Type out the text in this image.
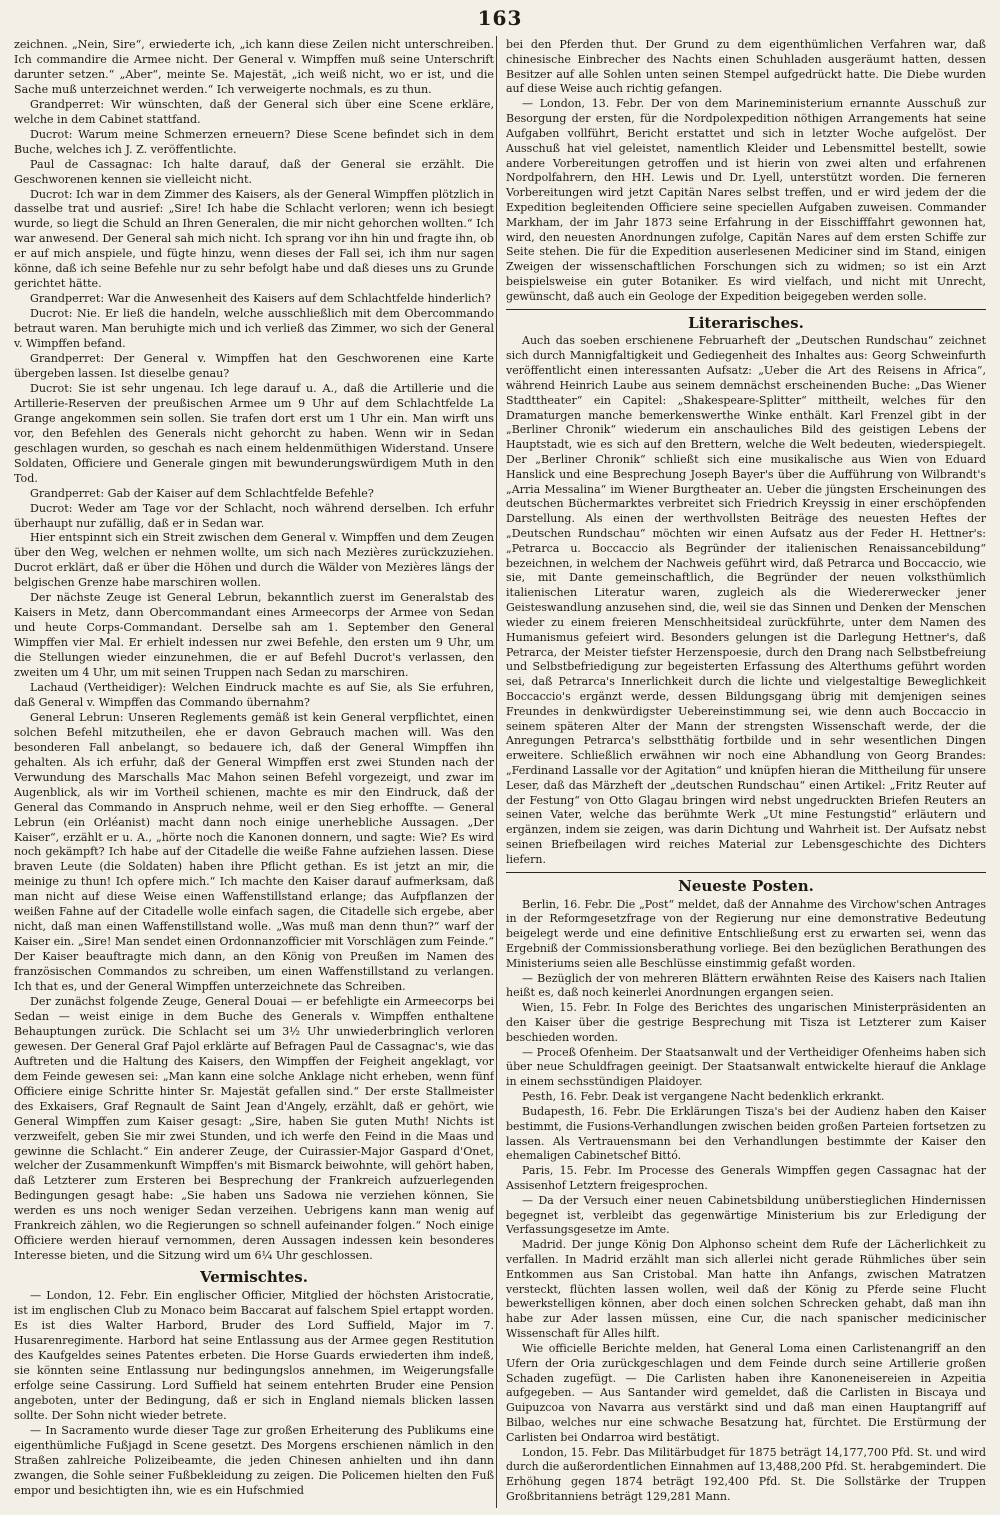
163

zeichnen. „Nein, Sire“, erwiederte ich, „ich kann diese Zeilen nicht unterschreiben. Ich commandire die Armee nicht. Der General v. Wimpffen muß seine Unterschrift darunter setzen.“ „Aber“, meinte Se. Majestät, „ich weiß nicht, wo er ist, und die Sache muß unterzeichnet werden.“ Ich verweigerte nochmals, es zu thun.

Grandperret: Wir wünschten, daß der General sich über eine Scene erkläre, welche in dem Cabinet stattfand.

Ducrot: Warum meine Schmerzen erneuern? Diese Scene befindet sich in dem Buche, welches ich J. Z. veröffentlichte.

Paul de Cassagnac: Ich halte darauf, daß der General sie erzählt. Die Geschworenen kennen sie vielleicht nicht.

Ducrot: Ich war in dem Zimmer des Kaisers, als der General Wimpffen plötzlich in dasselbe trat und ausrief: „Sire! Ich habe die Schlacht verloren; wenn ich besiegt wurde, so liegt die Schuld an Ihren Generalen, die mir nicht gehorchen wollten.“ Ich war anwesend. Der General sah mich nicht. Ich sprang vor ihn hin und fragte ihn, ob er auf mich anspiele, und fügte hinzu, wenn dieses der Fall sei, ich ihm nur sagen könne, daß ich seine Befehle nur zu sehr befolgt habe und daß dieses uns zu Grunde gerichtet hätte.

Grandperret: War die Anwesenheit des Kaisers auf dem Schlachtfelde hinderlich?

Ducrot: Nie. Er ließ die handeln, welche ausschließlich mit dem Obercommando betraut waren. Man beruhigte mich und ich verließ das Zimmer, wo sich der General v. Wimpffen befand.

Grandperret: Der General v. Wimpffen hat den Geschworenen eine Karte übergeben lassen. Ist dieselbe genau?

Ducrot: Sie ist sehr ungenau. Ich lege darauf u. A., daß die Artillerie und die Artillerie-Reserven der preußischen Armee um 9 Uhr auf dem Schlachtfelde La Grange angekommen sein sollen. Sie trafen dort erst um 1 Uhr ein. Man wirft uns vor, den Befehlen des Generals nicht gehorcht zu haben. Wenn wir in Sedan geschlagen wurden, so geschah es nach einem heldenmüthigen Widerstand. Unsere Soldaten, Officiere und Generale gingen mit bewunderungswürdigem Muth in den Tod.

Grandperret: Gab der Kaiser auf dem Schlachtfelde Befehle?

Ducrot: Weder am Tage vor der Schlacht, noch während derselben. Ich erfuhr überhaupt nur zufällig, daß er in Sedan war.

Hier entspinnt sich ein Streit zwischen dem General v. Wimpffen und dem Zeugen über den Weg, welchen er nehmen wollte, um sich nach Mezières zurückzuziehen. Ducrot erklärt, daß er über die Höhen und durch die Wälder von Mezières längs der belgischen Grenze habe marschiren wollen.

Der nächste Zeuge ist General Lebrun, bekanntlich zuerst im Generalstab des Kaisers in Metz, dann Obercommandant eines Armeecorps der Armee von Sedan und heute Corps-Commandant. Derselbe sah am 1. September den General Wimpffen vier Mal. Er erhielt indessen nur zwei Befehle, den ersten um 9 Uhr, um die Stellungen wieder einzunehmen, die er auf Befehl Ducrot's verlassen, den zweiten um 4 Uhr, um mit seinen Truppen nach Sedan zu marschiren.

Lachaud (Vertheidiger): Welchen Eindruck machte es auf Sie, als Sie erfuhren, daß General v. Wimpffen das Commando übernahm?

General Lebrun: Unseren Reglements gemäß ist kein General verpflichtet, einen solchen Befehl mitzutheilen, ehe er davon Gebrauch machen will. Was den besonderen Fall anbelangt, so bedauere ich, daß der General Wimpffen ihn gehalten. Als ich erfuhr, daß der General Wimpffen erst zwei Stunden nach der Verwundung des Marschalls Mac Mahon seinen Befehl vorgezeigt, und zwar im Augenblick, als wir im Vortheil schienen, machte es mir den Eindruck, daß der General das Commando in Anspruch nehme, weil er den Sieg erhoffte. — General Lebrun (ein Orléanist) macht dann noch einige unerhebliche Aussagen. „Der Kaiser“, erzählt er u. A., „hörte noch die Kanonen donnern, und sagte: Wie? Es wird noch gekämpft? Ich habe auf der Citadelle die weiße Fahne aufziehen lassen. Diese braven Leute (die Soldaten) haben ihre Pflicht gethan. Es ist jetzt an mir, die meinige zu thun! Ich opfere mich.“ Ich machte den Kaiser darauf aufmerksam, daß man nicht auf diese Weise einen Waffenstillstand erlange; das Aufpflanzen der weißen Fahne auf der Citadelle wolle einfach sagen, die Citadelle sich ergebe, aber nicht, daß man einen Waffenstillstand wolle. „Was muß man denn thun?“ warf der Kaiser ein. „Sire! Man sendet einen Ordonnanzofficier mit Vorschlägen zum Feinde.“ Der Kaiser beauftragte mich dann, an den König von Preußen im Namen des französischen Commandos zu schreiben, um einen Waffenstillstand zu verlangen. Ich that es, und der General Wimpffen unterzeichnete das Schreiben.

Der zunächst folgende Zeuge, General Douai — er befehligte ein Armeecorps bei Sedan — weist einige in dem Buche des Generals v. Wimpffen enthaltene Behauptungen zurück. Die Schlacht sei um 3½ Uhr unwiederbringlich verloren gewesen. Der General Graf Pajol erklärte auf Befragen Paul de Cassagnac's, wie das Auftreten und die Haltung des Kaisers, den Wimpffen der Feigheit angeklagt, vor dem Feinde gewesen sei: „Man kann eine solche Anklage nicht erheben, wenn fünf Officiere einige Schritte hinter Sr. Majestät gefallen sind.“ Der erste Stallmeister des Exkaisers, Graf Regnault de Saint Jean d'Angely, erzählt, daß er gehört, wie General Wimpffen zum Kaiser gesagt: „Sire, haben Sie guten Muth! Nichts ist verzweifelt, geben Sie mir zwei Stunden, und ich werfe den Feind in die Maas und gewinne die Schlacht.“ Ein anderer Zeuge, der Cuirassier-Major Gaspard d'Onet, welcher der Zusammenkunft Wimpffen's mit Bismarck beiwohnte, will gehört haben, daß Letzterer zum Ersteren bei Besprechung der Frankreich aufzuerlegenden Bedingungen gesagt habe: „Sie haben uns Sadowa nie verziehen können, Sie werden es uns noch weniger Sedan verzeihen. Uebrigens kann man wenig auf Frankreich zählen, wo die Regierungen so schnell aufeinander folgen.“ Noch einige Officiere werden hierauf vernommen, deren Aussagen indessen kein besonderes Interesse bieten, und die Sitzung wird um 6¼ Uhr geschlossen.

Vermischtes.

— London, 12. Febr. Ein englischer Officier, Mitglied der höchsten Aristocratie, ist im englischen Club zu Monaco beim Baccarat auf falschem Spiel ertappt worden. Es ist dies Walter Harbord, Bruder des Lord Suffield, Major im 7. Husarenregimente. Harbord hat seine Entlassung aus der Armee gegen Restitution des Kaufgeldes seines Patentes erbeten. Die Horse Guards erwiederten ihm indeß, sie könnten seine Entlassung nur bedingungslos annehmen, im Weigerungsfalle erfolge seine Cassirung. Lord Suffield hat seinem entehrten Bruder eine Pension angeboten, unter der Bedingung, daß er sich in England niemals blicken lassen sollte. Der Sohn nicht wieder betrete.

— In Sacramento wurde dieser Tage zur großen Erheiterung des Publikums eine eigenthümliche Fußjagd in Scene gesetzt. Des Morgens erschienen nämlich in den Straßen zahlreiche Polizeibeamte, die jeden Chinesen anhielten und ihn dann zwangen, die Sohle seiner Fußbekleidung zu zeigen. Die Policemen hielten den Fuß empor und besichtigten ihn, wie es ein Hufschmied

bei den Pferden thut. Der Grund zu dem eigenthümlichen Verfahren war, daß chinesische Einbrecher des Nachts einen Schuhladen ausgeräumt hatten, dessen Besitzer auf alle Sohlen unten seinen Stempel aufgedrückt hatte. Die Diebe wurden auf diese Weise auch richtig gefangen.

— London, 13. Febr. Der von dem Marineministerium ernannte Ausschuß zur Besorgung der ersten, für die Nordpolexpedition nöthigen Arrangements hat seine Aufgaben vollführt, Bericht erstattet und sich in letzter Woche aufgelöst. Der Ausschuß hat viel geleistet, namentlich Kleider und Lebensmittel bestellt, sowie andere Vorbereitungen getroffen und ist hierin von zwei alten und erfahrenen Nordpolfahrern, den HH. Lewis und Dr. Lyell, unterstützt worden. Die ferneren Vorbereitungen wird jetzt Capitän Nares selbst treffen, und er wird jedem der die Expedition begleitenden Officiere seine speciellen Aufgaben zuweisen. Commander Markham, der im Jahr 1873 seine Erfahrung in der Eisschifffahrt gewonnen hat, wird, den neuesten Anordnungen zufolge, Capitän Nares auf dem ersten Schiffe zur Seite stehen. Die für die Expedition auserlesenen Mediciner sind im Stand, einigen Zweigen der wissenschaftlichen Forschungen sich zu widmen; so ist ein Arzt beispielsweise ein guter Botaniker. Es wird vielfach, und nicht mit Unrecht, gewünscht, daß auch ein Geologe der Expedition beigegeben werden solle.

Literarisches.

Auch das soeben erschienene Februarheft der „Deutschen Rundschau“ zeichnet sich durch Mannigfaltigkeit und Gediegenheit des Inhaltes aus: Georg Schweinfurth veröffentlicht einen interessanten Aufsatz: „Ueber die Art des Reisens in Africa“, während Heinrich Laube aus seinem demnächst erscheinenden Buche: „Das Wiener Stadttheater“ ein Capitel: „Shakespeare-Splitter“ mittheilt, welches für den Dramaturgen manche bemerkenswerthe Winke enthält. Karl Frenzel gibt in der „Berliner Chronik“ wiederum ein anschauliches Bild des geistigen Lebens der Hauptstadt, wie es sich auf den Brettern, welche die Welt bedeuten, wiederspiegelt. Der „Berliner Chronik“ schließt sich eine musikalische aus Wien von Eduard Hanslick und eine Besprechung Joseph Bayer's über die Aufführung von Wilbrandt's „Arria Messalina“ im Wiener Burgtheater an. Ueber die jüngsten Erscheinungen des deutschen Büchermarktes verbreitet sich Friedrich Kreyssig in einer erschöpfenden Darstellung. Als einen der werthvollsten Beiträge des neuesten Heftes der „Deutschen Rundschau“ möchten wir einen Aufsatz aus der Feder H. Hettner's: „Petrarca u. Boccaccio als Begründer der italienischen Renaissancebildung“ bezeichnen, in welchem der Nachweis geführt wird, daß Petrarca und Boccaccio, wie sie, mit Dante gemeinschaftlich, die Begründer der neuen volksthümlich italienischen Literatur waren, zugleich als die Wiedererwecker jener Geisteswandlung anzusehen sind, die, weil sie das Sinnen und Denken der Menschen wieder zu einem freieren Menschheitsideal zurückführte, unter dem Namen des Humanismus gefeiert wird. Besonders gelungen ist die Darlegung Hettner's, daß Petrarca, der Meister tiefster Herzenspoesie, durch den Drang nach Selbstbefreiung und Selbstbefriedigung zur begeisterten Erfassung des Alterthums geführt worden sei, daß Petrarca's Innerlichkeit durch die lichte und vielgestaltige Beweglichkeit Boccaccio's ergänzt werde, dessen Bildungsgang übrig mit demjenigen seines Freundes in denkwürdigster Uebereinstimmung sei, wie denn auch Boccaccio in seinem späteren Alter der Mann der strengsten Wissenschaft werde, der die Anregungen Petrarca's selbstthätig fortbilde und in sehr wesentlichen Dingen erweitere. Schließlich erwähnen wir noch eine Abhandlung von Georg Brandes: „Ferdinand Lassalle vor der Agitation“ und knüpfen hieran die Mittheilung für unsere Leser, daß das Märzheft der „deutschen Rundschau“ einen Artikel: „Fritz Reuter auf der Festung“ von Otto Glagau bringen wird nebst ungedruckten Briefen Reuters an seinen Vater, welche das berühmte Werk „Ut mine Festungstid“ erläutern und ergänzen, indem sie zeigen, was darin Dichtung und Wahrheit ist. Der Aufsatz nebst seinen Briefbeilagen wird reiches Material zur Lebensgeschichte des Dichters liefern.

Neueste Posten.

Berlin, 16. Febr. Die „Post“ meldet, daß der Annahme des Virchow'schen Antrages in der Reformgesetzfrage von der Regierung nur eine demonstrative Bedeutung beigelegt werde und eine definitive Entschließung erst zu erwarten sei, wenn das Ergebniß der Commissionsberathung vorliege. Bei den bezüglichen Berathungen des Ministeriums seien alle Beschlüsse einstimmig gefaßt worden.

— Bezüglich der von mehreren Blättern erwähnten Reise des Kaisers nach Italien heißt es, daß noch keinerlei Anordnungen ergangen seien.

Wien, 15. Febr. In Folge des Berichtes des ungarischen Ministerpräsidenten an den Kaiser über die gestrige Besprechung mit Tisza ist Letzterer zum Kaiser beschieden worden.

— Proceß Ofenheim. Der Staatsanwalt und der Vertheidiger Ofenheims haben sich über neue Schuldfragen geeinigt. Der Staatsanwalt entwickelte hierauf die Anklage in einem sechsstündigen Plaidoyer.

Pesth, 16. Febr. Deak ist vergangene Nacht bedenklich erkrankt.

Budapesth, 16. Febr. Die Erklärungen Tisza's bei der Audienz haben den Kaiser bestimmt, die Fusions-Verhandlungen zwischen beiden großen Parteien fortsetzen zu lassen. Als Vertrauensmann bei den Verhandlungen bestimmte der Kaiser den ehemaligen Cabinetschef Bittó.

Paris, 15. Febr. Im Processe des Generals Wimpffen gegen Cassagnac hat der Assisenhof Letztern freigesprochen.

— Da der Versuch einer neuen Cabinetsbildung unüberstieglichen Hindernissen begegnet ist, verbleibt das gegenwärtige Ministerium bis zur Erledigung der Verfassungsgesetze im Amte.

Madrid. Der junge König Don Alphonso scheint dem Rufe der Lächerlichkeit zu verfallen. In Madrid erzählt man sich allerlei nicht gerade Rühmliches über sein Entkommen aus San Cristobal. Man hatte ihn Anfangs, zwischen Matratzen versteckt, flüchten lassen wollen, weil daß der König zu Pferde seine Flucht bewerkstelligen können, aber doch einen solchen Schrecken gehabt, daß man ihn habe zur Ader lassen müssen, eine Cur, die nach spanischer medicinischer Wissenschaft für Alles hilft.

Wie officielle Berichte melden, hat General Loma einen Carlistenangriff an den Ufern der Oria zurückgeschlagen und dem Feinde durch seine Artillerie großen Schaden zugefügt. — Die Carlisten haben ihre Kanoneneisereien in Azpeitia aufgegeben. — Aus Santander wird gemeldet, daß die Carlisten in Biscaya und Guipuzcoa von Navarra aus verstärkt sind und daß man einen Hauptangriff auf Bilbao, welches nur eine schwache Besatzung hat, fürchtet. Die Erstürmung der Carlisten bei Ondarroa wird bestätigt.

London, 15. Febr. Das Militärbudget für 1875 beträgt 14,177,700 Pfd. St. und wird durch die außerordentlichen Einnahmen auf 13,488,200 Pfd. St. herabgemindert. Die Erhöhung gegen 1874 beträgt 192,400 Pfd. St. Die Sollstärke der Truppen Großbritanniens beträgt 129,281 Mann.
